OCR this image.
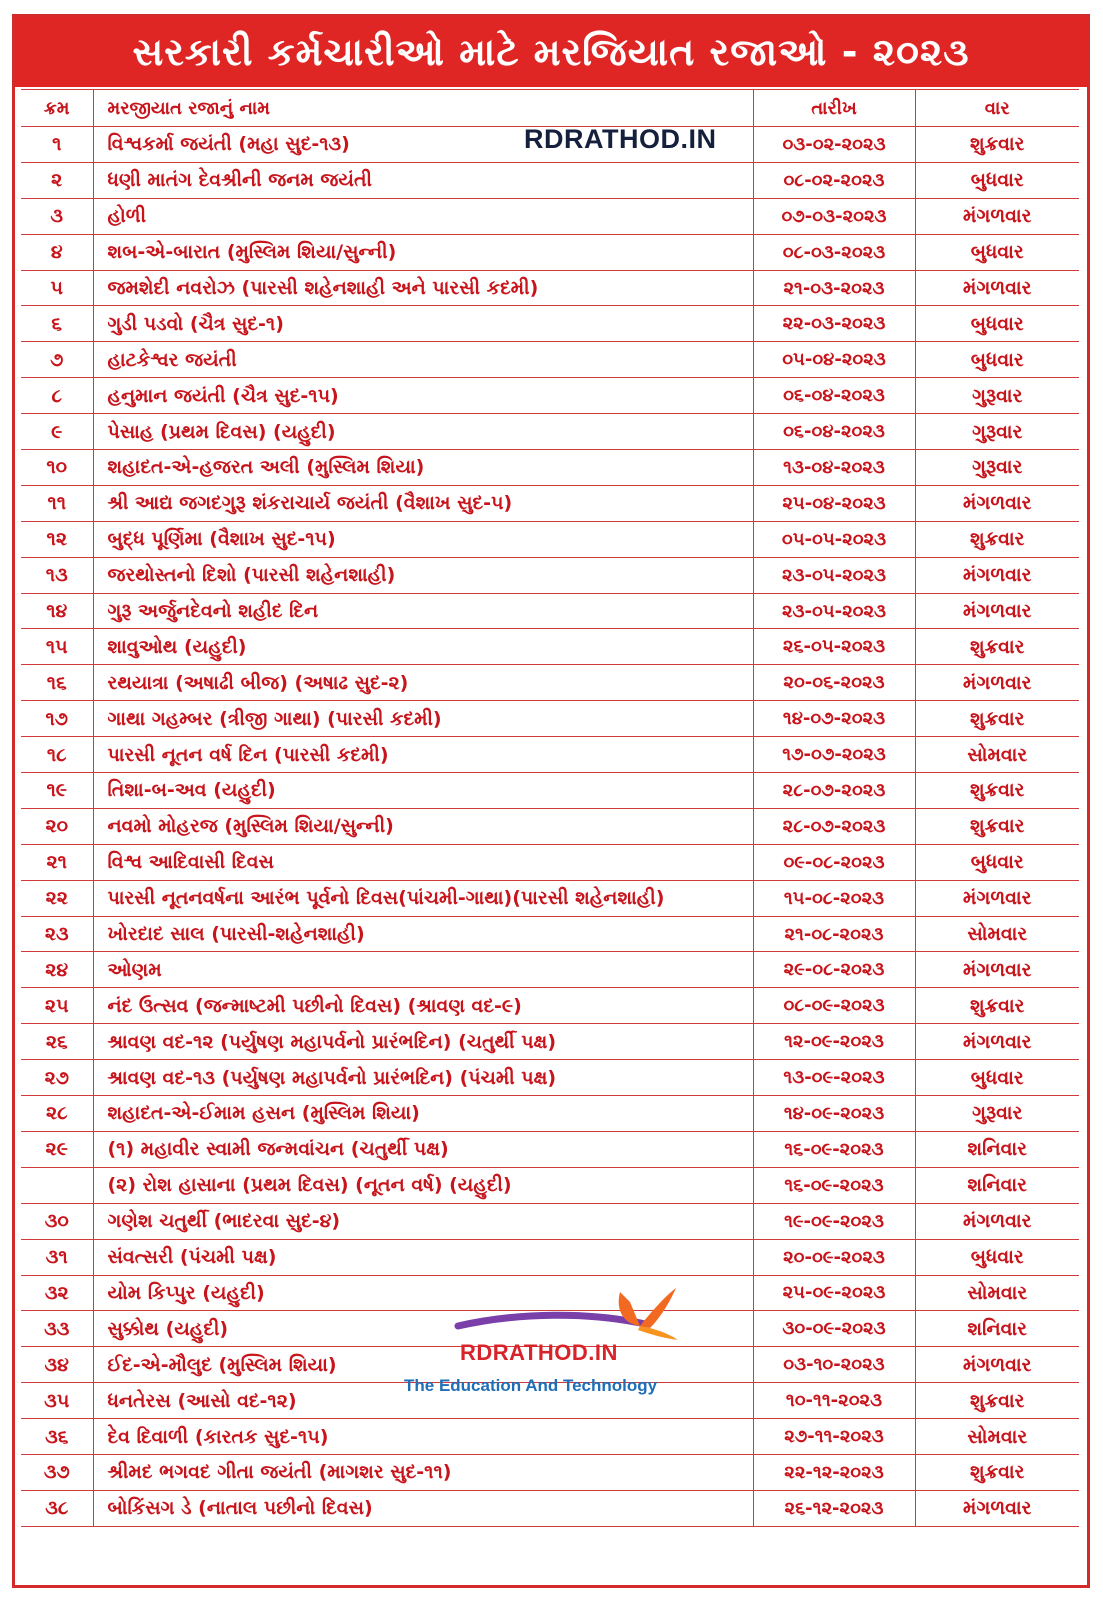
સરકારી કર્મચારીઓ માટે મરજિયાત રજાઓ - ૨૦૨૩
ક્રમ	મરજીયાત રજાનું નામ	તારીખ	વાર
૧	વિશ્વકર્મા જયંતી (મહા સુદ-૧૩)	૦૩-૦૨-૨૦૨૩	શુક્રવાર
૨	ધણી માતંગ દેવશ્રીની જનમ જયંતી	૦૮-૦૨-૨૦૨૩	બુધવાર
૩	હોળી	૦૭-૦૩-૨૦૨૩	મંગળવાર
૪	શબ-એ-બારાત (મુસ્લિમ શિયા/સુન્ની)	૦૮-૦૩-૨૦૨૩	બુધવાર
૫	જમશેદી નવરોઝ (પારસી શહેનશાહી અને પારસી કદમી)	૨૧-૦૩-૨૦૨૩	મંગળવાર
૬	ગુડી પડવો (ચૈત્ર સુદ-૧)	૨૨-૦૩-૨૦૨૩	બુધવાર
૭	હાટકેશ્વર જયંતી	૦૫-૦૪-૨૦૨૩	બુધવાર
૮	હનુમાન જયંતી (ચૈત્ર સુદ-૧૫)	૦૬-૦૪-૨૦૨૩	ગુરૂવાર
૯	પેસાહ (પ્રથમ દિવસ) (યહુદી)	૦૬-૦૪-૨૦૨૩	ગુરૂવાર
૧૦	શહાદત-એ-હજરત અલી (મુસ્લિમ શિયા)	૧૩-૦૪-૨૦૨૩	ગુરૂવાર
૧૧	શ્રી આદ્ય જગદગુરૂ શંકરાચાર્ય જયંતી (વૈશાખ સુદ-૫)	૨૫-૦૪-૨૦૨૩	મંગળવાર
૧૨	બુદ્ધ પૂર્ણિમા (વૈશાખ સુદ-૧૫)	૦૫-૦૫-૨૦૨૩	શુક્રવાર
૧૩	જરથોસ્તનો દિશો (પારસી શહેનશાહી)	૨૩-૦૫-૨૦૨૩	મંગળવાર
૧૪	ગુરૂ અર્જુનદેવનો શહીદ દિન	૨૩-૦૫-૨૦૨૩	મંગળવાર
૧૫	શાવુઓથ (યહુદી)	૨૬-૦૫-૨૦૨૩	શુક્રવાર
૧૬	રથયાત્રા (અષાઢી બીજ) (અષાઢ સુદ-૨)	૨૦-૦૬-૨૦૨૩	મંગળવાર
૧૭	ગાથા ગહમ્બર (ત્રીજી ગાથા) (પારસી કદમી)	૧૪-૦૭-૨૦૨૩	શુક્રવાર
૧૮	પારસી નૂતન વર્ષ દિન (પારસી કદમી)	૧૭-૦૭-૨૦૨૩	સોમવાર
૧૯	તિશા-બ-અવ (યહુદી)	૨૮-૦૭-૨૦૨૩	શુક્રવાર
૨૦	નવમો મોહરજ (મુસ્લિમ શિયા/સુન્ની)	૨૮-૦૭-૨૦૨૩	શુક્રવાર
૨૧	વિશ્વ આદિવાસી દિવસ	૦૯-૦૮-૨૦૨૩	બુધવાર
૨૨	પારસી નૂતનવર્ષના આરંભ પૂર્વનો દિવસ(પાંચમી-ગાથા)(પારસી શહેનશાહી)	૧૫-૦૮-૨૦૨૩	મંગળવાર
૨૩	ખોરદાદ સાલ (પારસી-શહેનશાહી)	૨૧-૦૮-૨૦૨૩	સોમવાર
૨૪	ઓણમ	૨૯-૦૮-૨૦૨૩	મંગળવાર
૨૫	નંદ ઉત્સવ (જન્માષ્ટમી પછીનો દિવસ) (શ્રાવણ વદ-૯)	૦૮-૦૯-૨૦૨૩	શુક્રવાર
૨૬	શ્રાવણ વદ-૧૨ (પર્યુષણ મહાપર્વનો પ્રારંભદિન) (ચતુર્થી પક્ષ)	૧૨-૦૯-૨૦૨૩	મંગળવાર
૨૭	શ્રાવણ વદ-૧૩ (પર્યુષણ મહાપર્વનો પ્રારંભદિન) (પંચમી પક્ષ)	૧૩-૦૯-૨૦૨૩	બુધવાર
૨૮	શહાદત-એ-ઈમામ હસન (મુસ્લિમ શિયા)	૧૪-૦૯-૨૦૨૩	ગુરૂવાર
૨૯	(૧) મહાવીર સ્વામી જન્મવાંચન (ચતુર્થી પક્ષ)	૧૬-૦૯-૨૦૨૩	શનિવાર
	(૨) રોશ હાસાના (પ્રથમ દિવસ) (નૂતન વર્ષ) (યહુદી)	૧૬-૦૯-૨૦૨૩	શનિવાર
૩૦	ગણેશ ચતુર્થી (ભાદરવા સુદ-૪)	૧૯-૦૯-૨૦૨૩	મંગળવાર
૩૧	સંવત્સરી (પંચમી પક્ષ)	૨૦-૦૯-૨૦૨૩	બુધવાર
૩૨	યોમ કિપ્પુર (યહુદી)	૨૫-૦૯-૨૦૨૩	સોમવાર
૩૩	સુક્કોથ (યહુદી)	૩૦-૦૯-૨૦૨૩	શનિવાર
૩૪	ઈદ-એ-મૌલુદ (મુસ્લિમ શિયા)	૦૩-૧૦-૨૦૨૩	મંગળવાર
૩૫	ધનતેરસ (આસો વદ-૧૨)	૧૦-૧૧-૨૦૨૩	શુક્રવાર
૩૬	દેવ દિવાળી (કારતક સુદ-૧૫)	૨૭-૧૧-૨૦૨૩	સોમવાર
૩૭	શ્રીમદ ભગવદ ગીતા જયંતી (માગશર સુદ-૧૧)	૨૨-૧૨-૨૦૨૩	શુક્રવાર
૩૮	બોકિંસગ ડે (નાતાલ પછીનો દિવસ)	૨૬-૧૨-૨૦૨૩	મંગળવાર
RDRATHOD.IN
RDRATHOD.IN
The Education And Technology
